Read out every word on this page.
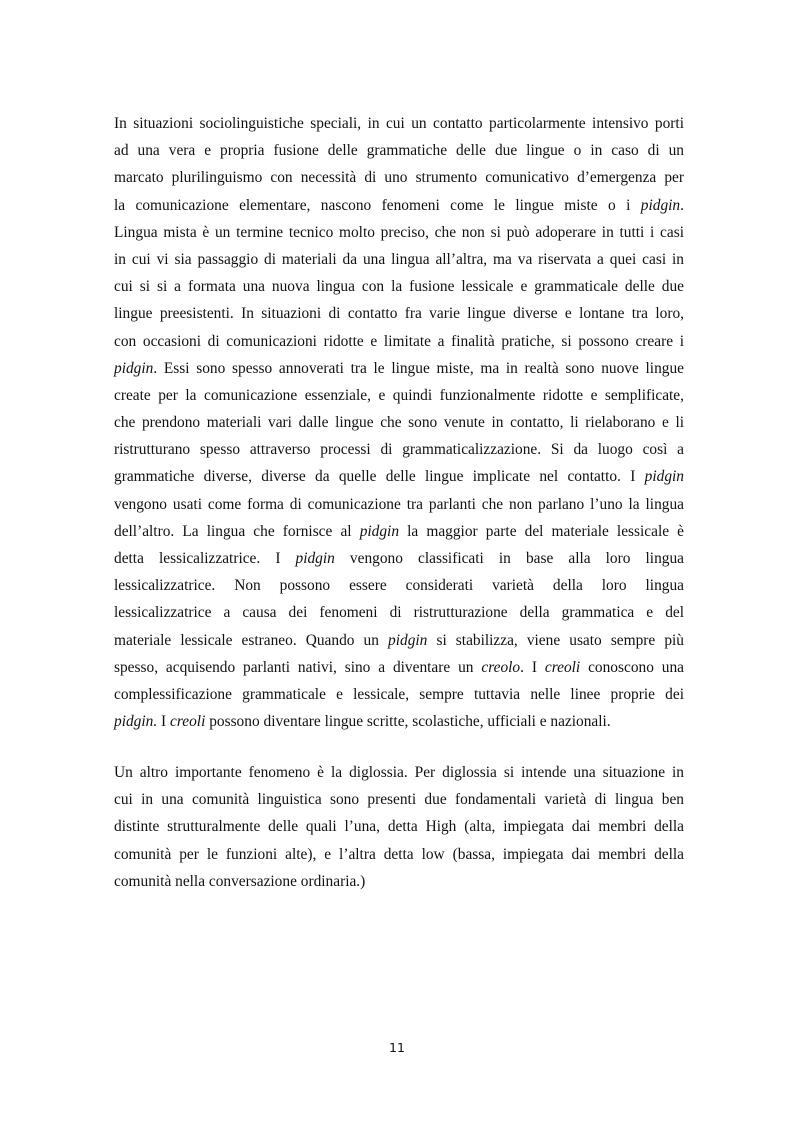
In situazioni sociolinguistiche speciali, in cui un contatto particolarmente intensivo porti
ad una vera e propria fusione delle grammatiche delle due lingue o in caso di un
marcato plurilinguismo con necessità di uno strumento comunicativo d’emergenza per
la comunicazione elementare, nascono fenomeni come le lingue miste o i pidgin.
Lingua mista è un termine tecnico molto preciso, che non si può adoperare in tutti i casi
in cui vi sia passaggio di materiali da una lingua all’altra, ma va riservata a quei casi in
cui si si a formata una nuova lingua con la fusione lessicale e grammaticale delle due
lingue preesistenti. In situazioni di contatto fra varie lingue diverse e lontane tra loro,
con occasioni di comunicazioni ridotte e limitate a finalità pratiche, si possono creare i
pidgin. Essi sono spesso annoverati tra le lingue miste, ma in realtà sono nuove lingue
create per la comunicazione essenziale, e quindi funzionalmente ridotte e semplificate,
che prendono materiali vari dalle lingue che sono venute in contatto, li rielaborano e li
ristrutturano spesso attraverso processi di grammaticalizzazione. Si da luogo così a
grammatiche diverse, diverse da quelle delle lingue implicate nel contatto. I pidgin
vengono usati come forma di comunicazione tra parlanti che non parlano l’uno la lingua
dell’altro. La lingua che fornisce al pidgin la maggior parte del materiale lessicale è
detta lessicalizzatrice. I pidgin vengono classificati in base alla loro lingua
lessicalizzatrice. Non possono essere considerati varietà della loro lingua
lessicalizzatrice a causa dei fenomeni di ristrutturazione della grammatica e del
materiale lessicale estraneo. Quando un pidgin si stabilizza, viene usato sempre più
spesso, acquisendo parlanti nativi, sino a diventare un creolo. I creoli conoscono una
complessificazione grammaticale e lessicale, sempre tuttavia nelle linee proprie dei
pidgin. I creoli possono diventare lingue scritte, scolastiche, ufficiali e nazionali.
Un altro importante fenomeno è la diglossia. Per diglossia si intende una situazione in
cui in una comunità linguistica sono presenti due fondamentali varietà di lingua ben
distinte strutturalmente delle quali l’una, detta High (alta, impiegata dai membri della
comunità per le funzioni alte), e l’altra detta low (bassa, impiegata dai membri della
comunità nella conversazione ordinaria.)
11
